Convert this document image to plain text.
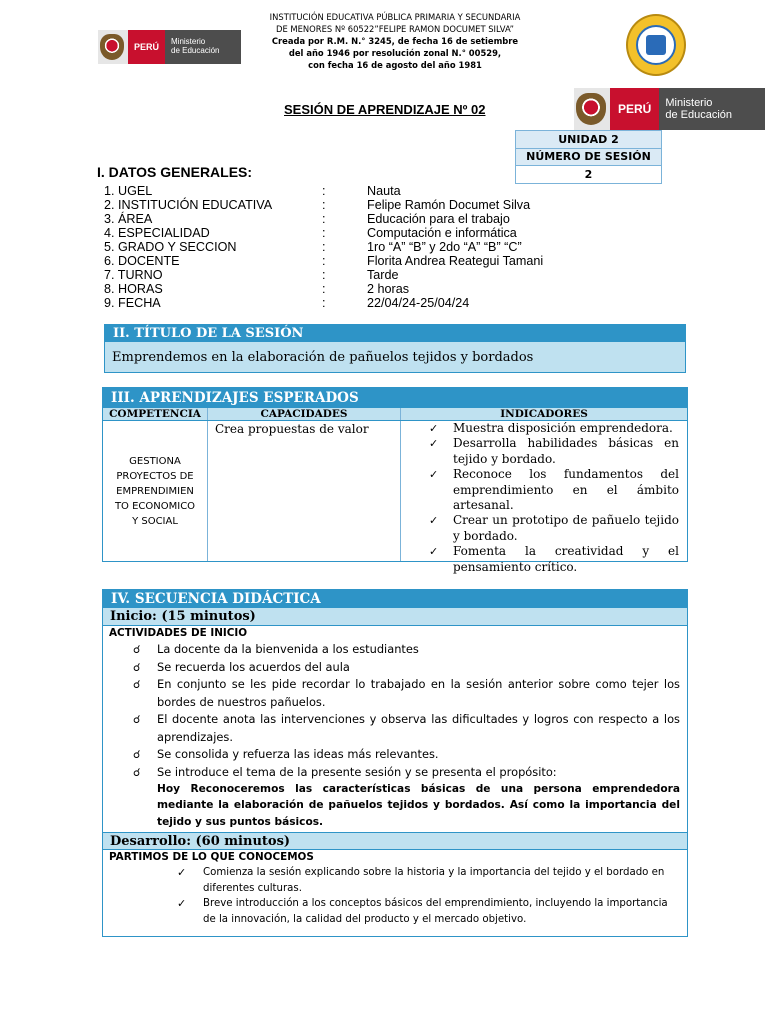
PERÚ
Ministerio
de Educación
INSTITUCIÓN EDUCATIVA PÚBLICA PRIMARIA Y SECUNDARIA
DE MENORES Nº 60522”FELIPE RAMON DOCUMET SILVA”
Creada por R.M. N.° 3245, de fecha 16 de setiembre
del año 1946 por resolución zonal N.° 00529,
con fecha 16 de agosto del año 1981
SESIÓN DE APRENDIZAJE Nº 02	PERÚ	Ministerio
de Educación
UNIDAD 2
NÚMERO DE SESIÓN
2
I. DATOS GENERALES:
1. UGEL	:	Nauta
2. INSTITUCIÓN EDUCATIVA	:	Felipe Ramón Documet Silva
3. ÁREA	:	Educación para el trabajo
4. ESPECIALIDAD	:	Computación e informática
5. GRADO Y SECCION	:	1ro “A” “B” y 2do “A” “B” “C”
6. DOCENTE	:	Florita Andrea Reategui Tamani
7. TURNO	:	Tarde
8. HORAS	:	2 horas
9. FECHA	:	22/04/24-25/04/24
II. TÍTULO DE LA SESIÓN
Emprendemos en la elaboración de pañuelos tejidos y bordados
III. APRENDIZAJES ESPERADOS
COMPETENCIA	CAPACIDADES	INDICADORES
GESTIONA
PROYECTOS DE
EMPRENDIMIEN
TO ECONOMICO
Y SOCIAL
Crea propuestas de valor	✓	Muestra disposición emprendedora.
✓	Desarrolla habilidades básicas en tejido y bordado.
✓	Reconoce los fundamentos del emprendimiento en el ámbito artesanal.
✓	Crear un prototipo de pañuelo tejido y bordado.
✓	Fomenta la creatividad y el pensamiento crítico.
IV. SECUENCIA DIDÁCTICA
Inicio: (15 minutos)
ACTIVIDADES DE INICIO
☌	La docente da la bienvenida a los estudiantes
☌	Se recuerda los acuerdos del aula
☌	En conjunto se les pide recordar lo trabajado en la sesión anterior sobre como tejer los bordes de nuestros pañuelos.
☌	El docente anota las intervenciones y observa las dificultades y logros con respecto a los aprendizajes.
☌	Se consolida y refuerza las ideas más relevantes.
☌	Se introduce el tema de la presente sesión y se presenta el propósito:
Hoy Reconoceremos las características básicas de una persona emprendedora mediante la elaboración de pañuelos tejidos y bordados. Así como la importancia del tejido y sus puntos básicos.
Desarrollo: (60 minutos)
PARTIMOS DE LO QUE CONOCEMOS
✓	Comienza la sesión explicando sobre la historia y la importancia del tejido y el bordado en diferentes culturas.
✓	Breve introducción a los conceptos básicos del emprendimiento, incluyendo la importancia de la innovación, la calidad del producto y el mercado objetivo.
